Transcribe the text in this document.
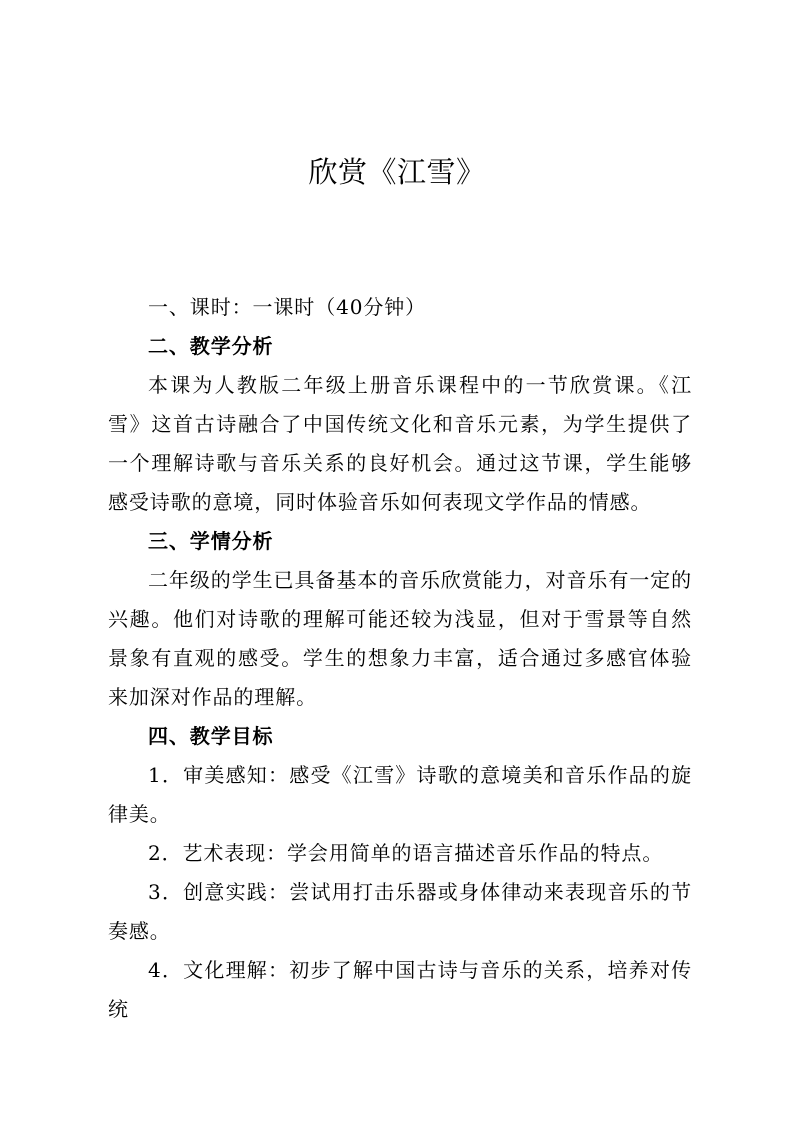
欣赏《江雪》

一、课时：一课时（40分钟）

二、教学分析

本课为人教版二年级上册音乐课程中的一节欣赏课。《江雪》这首古诗融合了中国传统文化和音乐元素，为学生提供了一个理解诗歌与音乐关系的良好机会。通过这节课，学生能够感受诗歌的意境，同时体验音乐如何表现文学作品的情感。

三、学情分析

二年级的学生已具备基本的音乐欣赏能力，对音乐有一定的兴趣。他们对诗歌的理解可能还较为浅显，但对于雪景等自然景象有直观的感受。学生的想象力丰富，适合通过多感官体验来加深对作品的理解。

四、教学目标

1．审美感知：感受《江雪》诗歌的意境美和音乐作品的旋律美。

2．艺术表现：学会用简单的语言描述音乐作品的特点。

3．创意实践：尝试用打击乐器或身体律动来表现音乐的节奏感。

4．文化理解：初步了解中国古诗与音乐的关系，培养对传统
